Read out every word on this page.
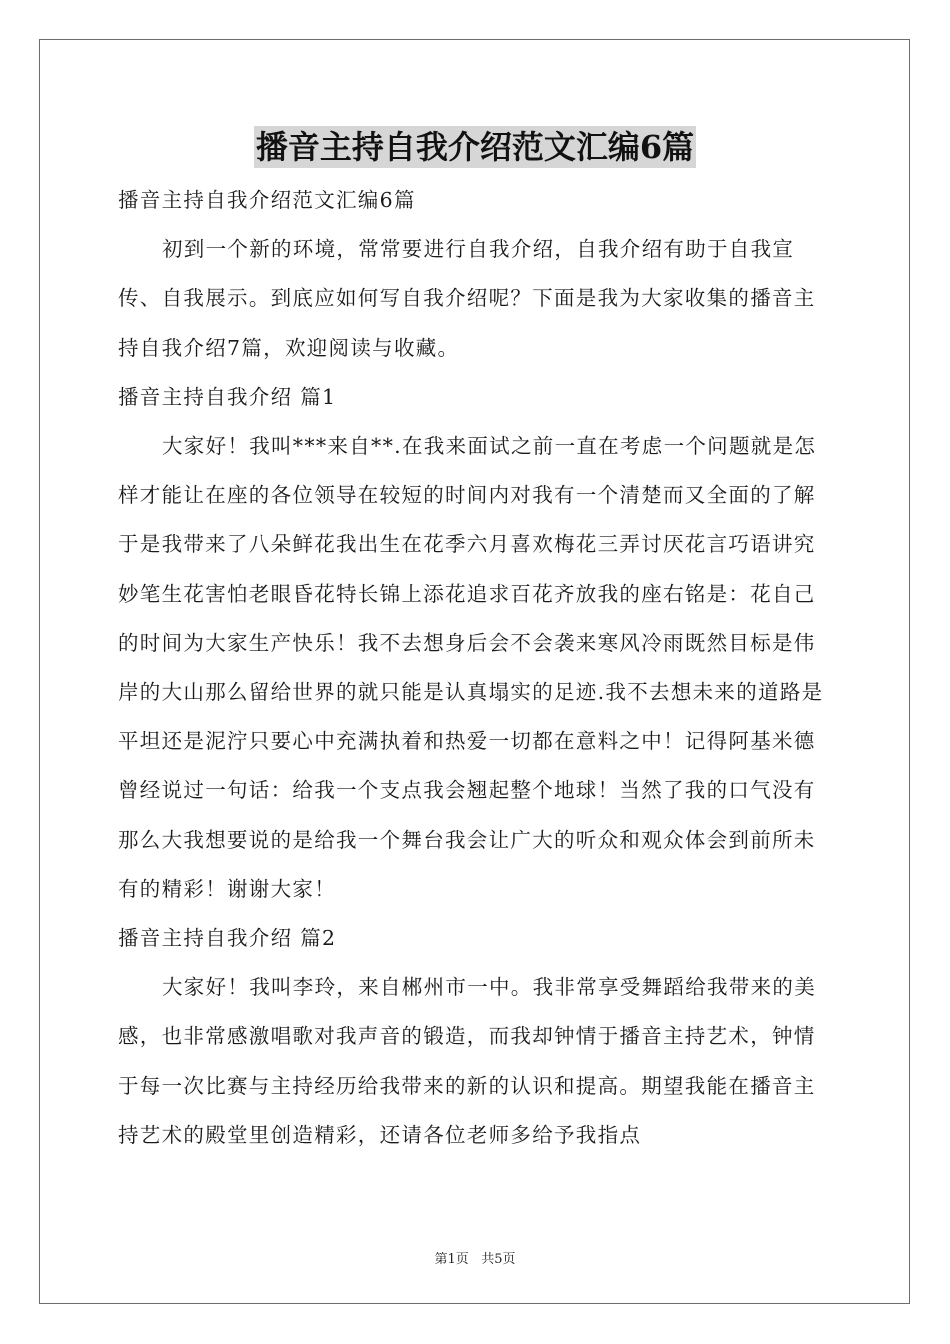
播音主持自我介绍范文汇编6篇

播音主持自我介绍范文汇编6篇

初到一个新的环境，常常要进行自我介绍，自我介绍有助于自我宣传、自我展示。到底应如何写自我介绍呢？下面是我为大家收集的播音主持自我介绍7篇，欢迎阅读与收藏。

播音主持自我介绍 篇1

大家好！我叫***来自**.在我来面试之前一直在考虑一个问题就是怎样才能让在座的各位领导在较短的时间内对我有一个清楚而又全面的了解于是我带来了八朵鲜花我出生在花季六月喜欢梅花三弄讨厌花言巧语讲究妙笔生花害怕老眼昏花特长锦上添花追求百花齐放我的座右铭是：花自己的时间为大家生产快乐！我不去想身后会不会袭来寒风冷雨既然目标是伟岸的大山那么留给世界的就只能是认真塌实的足迹.我不去想未来的道路是平坦还是泥泞只要心中充满执着和热爱一切都在意料之中！记得阿基米德曾经说过一句话：给我一个支点我会翘起整个地球！当然了我的口气没有那么大我想要说的是给我一个舞台我会让广大的听众和观众体会到前所未有的精彩！谢谢大家！

播音主持自我介绍 篇2

大家好！我叫李玲，来自郴州市一中。我非常享受舞蹈给我带来的美感，也非常感激唱歌对我声音的锻造，而我却钟情于播音主持艺术，钟情于每一次比赛与主持经历给我带来的新的认识和提高。期望我能在播音主持艺术的殿堂里创造精彩，还请各位老师多给予我指点

第1页 共5页
